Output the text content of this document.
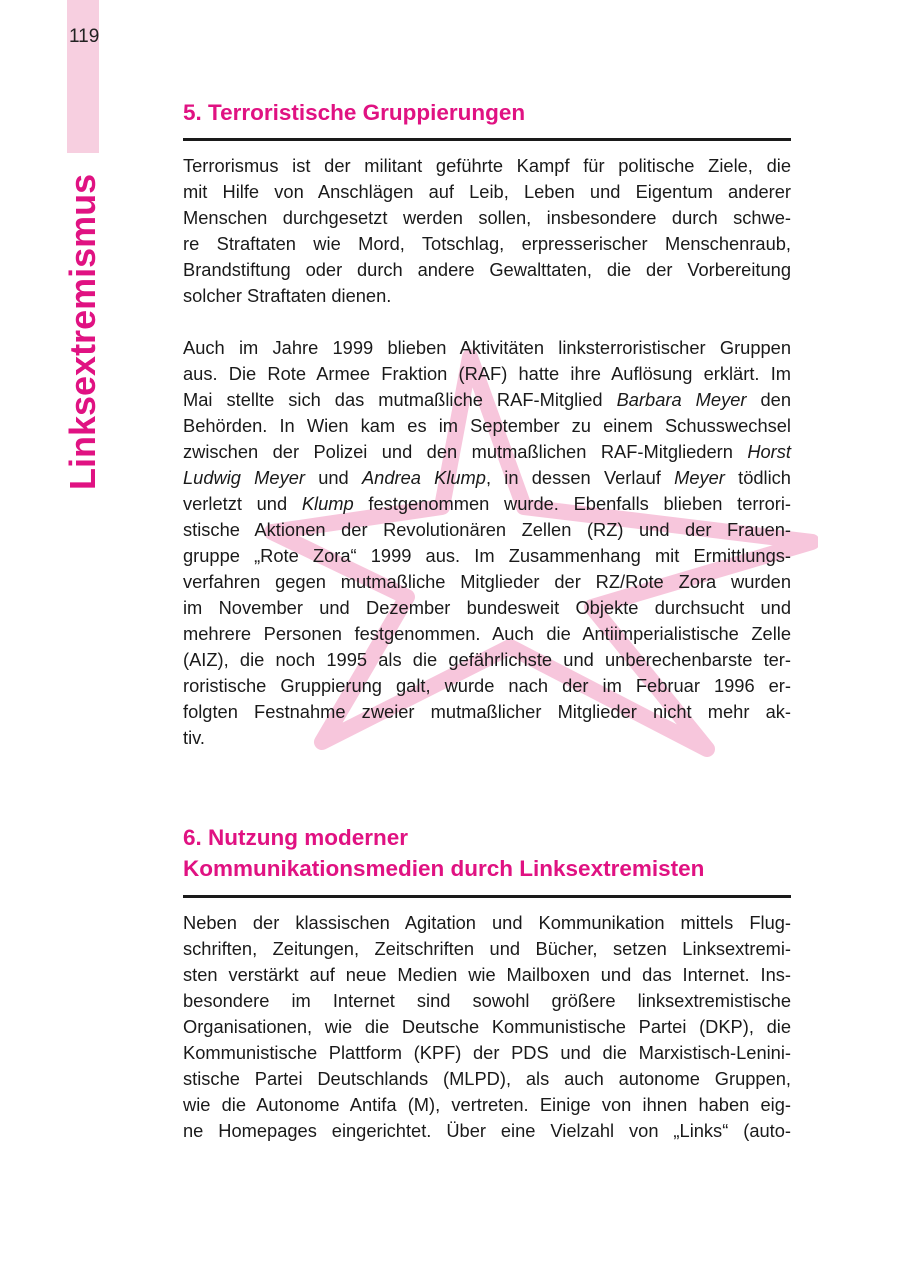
119
Linksextremismus
5. Terroristische Gruppierungen
Terrorismus ist der militant geführte Kampf für politische Ziele, die
mit Hilfe von Anschlägen auf Leib, Leben und Eigentum anderer
Menschen durchgesetzt werden sollen, insbesondere durch schwe-
re Straftaten wie Mord, Totschlag, erpresserischer Menschenraub,
Brandstiftung oder durch andere Gewalttaten, die der Vorbereitung
solcher Straftaten dienen.
Auch im Jahre 1999 blieben Aktivitäten linksterroristischer Gruppen
aus. Die Rote Armee Fraktion (RAF) hatte ihre Auflösung erklärt. Im
Mai stellte sich das mutmaßliche RAF-Mitglied Barbara Meyer den
Behörden. In Wien kam es im September zu einem Schusswechsel
zwischen der Polizei und den mutmaßlichen RAF-Mitgliedern Horst
Ludwig Meyer und Andrea Klump, in dessen Verlauf Meyer tödlich
verletzt und Klump festgenommen wurde. Ebenfalls blieben terrori-
stische Aktionen der Revolutionären Zellen (RZ) und der Frauen-
gruppe „Rote Zora“ 1999 aus. Im Zusammenhang mit Ermittlungs-
verfahren gegen mutmaßliche Mitglieder der RZ/Rote Zora wurden
im November und Dezember bundesweit Objekte durchsucht und
mehrere Personen festgenommen. Auch die Antiimperialistische Zelle
(AIZ), die noch 1995 als die gefährlichste und unberechenbarste ter-
roristische Gruppierung galt, wurde nach der im Februar 1996 er-
folgten Festnahme zweier mutmaßlicher Mitglieder nicht mehr ak-
tiv.
6. Nutzung moderner
Kommunikationsmedien durch Linksextremisten
Neben der klassischen Agitation und Kommunikation mittels Flug-
schriften, Zeitungen, Zeitschriften und Bücher, setzen Linksextremi-
sten verstärkt auf neue Medien wie Mailboxen und das Internet. Ins-
besondere im Internet sind sowohl größere linksextremistische
Organisationen, wie die Deutsche Kommunistische Partei (DKP), die
Kommunistische Plattform (KPF) der PDS und die Marxistisch-Lenini-
stische Partei Deutschlands (MLPD), als auch autonome Gruppen,
wie die Autonome Antifa (M), vertreten. Einige von ihnen haben eig-
ne Homepages eingerichtet. Über eine Vielzahl von „Links“ (auto-
